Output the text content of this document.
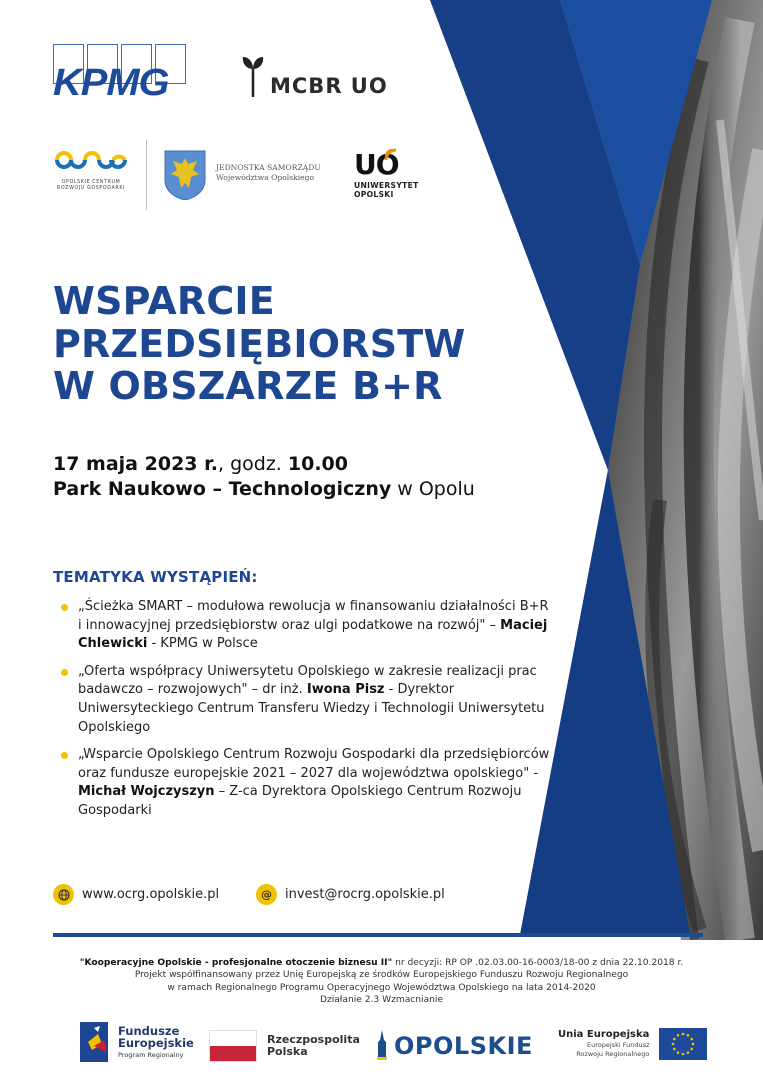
KPMG	MCBR UO
OPOLSKIE CENTRUM
ROZWOJU GOSPODARKI
JEDNOSTKA SAMORZĄDU
Województwa Opolskiego UO
UNIWERSYTET
OPOLSKI
WSPARCIE
PRZEDSIĘBIORSTW
W OBSZARZE B+R
17 maja 2023 r., godz. 10.00
Park Naukowo – Technologiczny w Opolu
TEMATYKA WYSTĄPIEŃ:
„Ścieżka SMART – modułowa rewolucja w finansowaniu działalności B+R i innowacyjnej przedsiębiorstw oraz ulgi podatkowe na rozwój" – Maciej Chlewicki - KPMG w Polsce
„Oferta współpracy Uniwersytetu Opolskiego w zakresie realizacji prac badawczo – rozwojowych" – dr inż. Iwona Pisz - Dyrektor Uniwersyteckiego Centrum Transferu Wiedzy i Technologii Uniwersytetu Opolskiego
„Wsparcie Opolskiego Centrum Rozwoju Gospodarki dla przedsiębiorców oraz fundusze europejskie 2021 – 2027 dla województwa opolskiego" - Michał Wojczyszyn – Z-ca Dyrektora Opolskiego Centrum Rozwoju Gospodarki
www.ocrg.opolskie.pl	@	invest@rocrg.opolskie.pl
"Kooperacyjne Opolskie - profesjonalne otoczenie biznesu II" nr decyzji: RP OP .02.03.00-16-0003/18-00 z dnia 22.10.2018 r.
Projekt współfinansowany przez Unię Europejską ze środków Europejskiego Funduszu Rozwoju Regionalnego
w ramach Regionalnego Programu Operacyjnego Województwa Opolskiego na lata 2014-2020
Działanie 2.3 Wzmacnianie
Fundusze
Europejskie
Program Regionalny
Rzeczpospolita
Polska	OPOLSKIE	Unia Europejska
Europejski Fundusz
Rozwoju Regionalnego
